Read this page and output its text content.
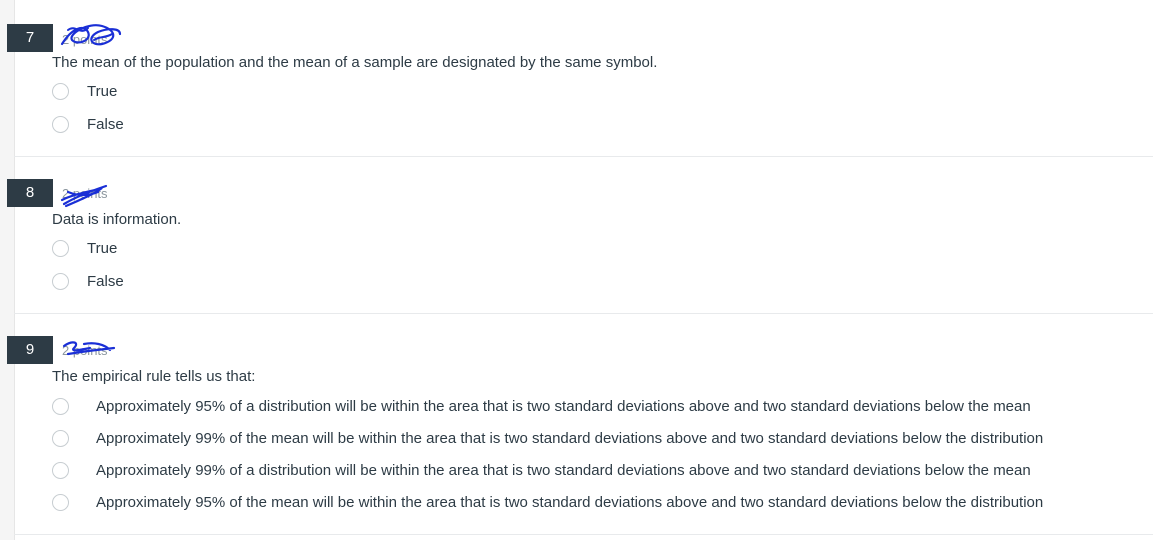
7	2 points
The mean of the population and the mean of a sample are designated by the same symbol.
True
False
8	2 points
Data is information.
True
False
9	2 points
The empirical rule tells us that:
Approximately 95% of a distribution will be within the area that is two standard deviations above and two standard deviations below the mean
Approximately 99% of the mean will be within the area that is two standard deviations above and two standard deviations below the distribution
Approximately 99% of a distribution will be within the area that is two standard deviations above and two standard deviations below the mean
Approximately 95% of the mean will be within the area that is two standard deviations above and two standard deviations below the distribution
